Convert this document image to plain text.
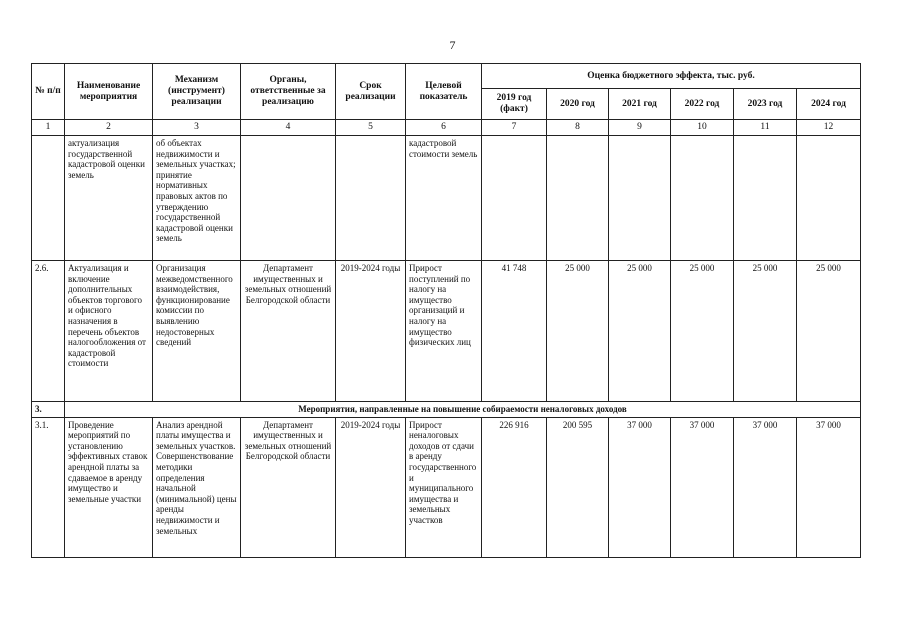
7
№ п/п	Наименование мероприятия	Механизм (инструмент) реализации	Органы, ответственные за реализацию	Срок реализации	Целевой показатель	Оценка бюджетного эффекта, тыс. руб.					
						2019 год (факт)	2020 год	2021 год	2022 год	2023 год	2024 год
1	2	3	4	5	6	7	8	9	10	11	12
	актуализация государственной кадастровой оценки земель	об объектах недвижимости и земельных участках; принятие нормативных правовых актов по утверждению государственной кадастровой оценки земель			кадастровой стоимости земель						
2.6.	Актуализация и включение дополнительных объектов торгового и офисного назначения в перечень объектов налогообложения от кадастровой стоимости	Организация межведомственного взаимодействия, функционирование комиссии по выявлению недостоверных сведений	Департамент имущественных и земельных отношений Белгородской области	2019-2024 годы	Прирост поступлений по налогу на имущество организаций и налогу на имущество физических лиц	41 748	25 000	25 000	25 000	25 000	25 000
3.	Мероприятия, направленные на повышение собираемости неналоговых доходов										
3.1.	Проведение мероприятий по установлению эффективных ставок арендной платы за сдаваемое в аренду имущество и земельные участки	Анализ арендной платы имущества и земельных участков. Совершенствование методики определения начальной (минимальной) цены аренды недвижимости и земельных	Департамент имущественных и земельных отношений Белгородской области	2019-2024 годы	Прирост неналоговых доходов от сдачи в аренду государственного и муниципального имущества и земельных участков	226 916	200 595	37 000	37 000	37 000	37 000
